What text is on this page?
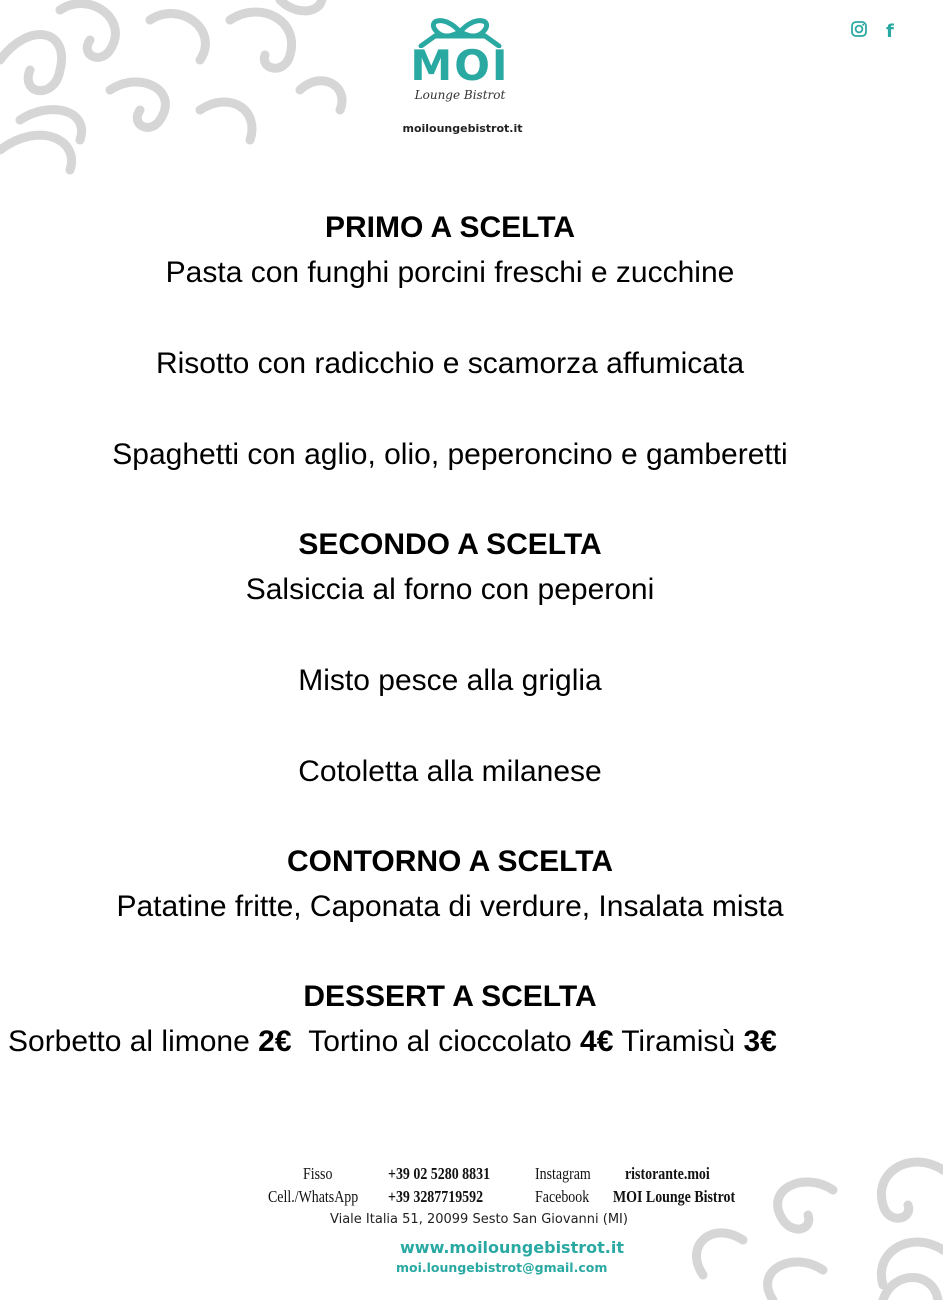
MOI
Lounge Bistrot
moiloungebistrot.it
f

PRIMO A SCELTA

Pasta con funghi porcini freschi e zucchine

Risotto con radicchio e scamorza affumicata

Spaghetti con aglio, olio, peperoncino e gamberetti

SECONDO A SCELTA

Salsiccia al forno con peperoni

Misto pesce alla griglia

Cotoletta alla milanese

CONTORNO A SCELTA

Patatine fritte, Caponata di verdure, Insalata mista

DESSERT A SCELTA

Sorbetto al limone 2€ Tortino al cioccolato 4€ Tiramisù 3€

Fisso	+39 02 5280 8831	Instagram ristorante.moi
Cell./WhatsApp +39 3287719592	Facebook MOI Lounge Bistrot
Viale Italia 51, 20099 Sesto San Giovanni (MI)
www.moiloungebistrot.it
moi.loungebistrot@gmail.com
